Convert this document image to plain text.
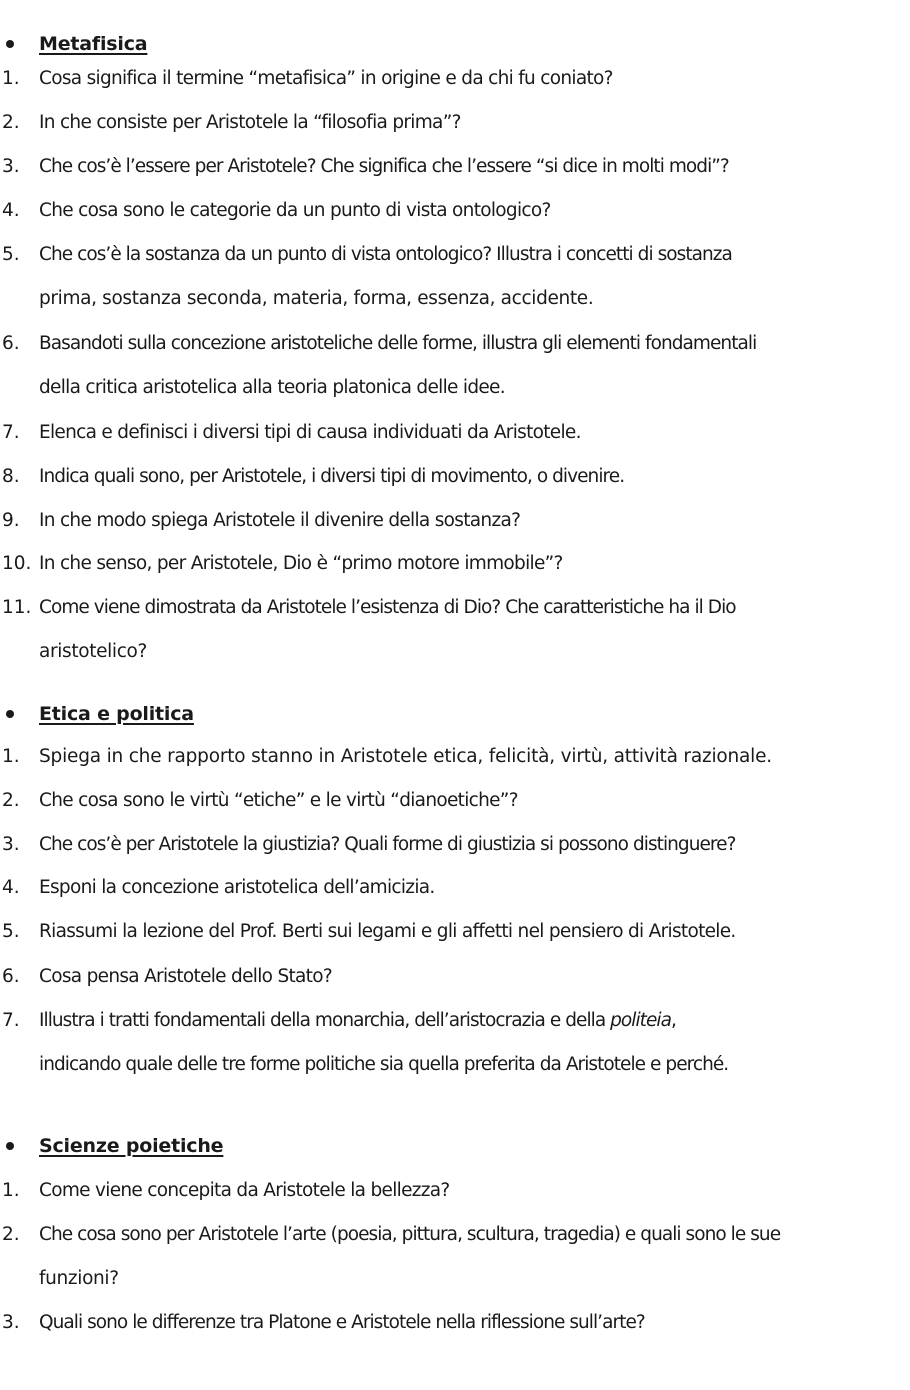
Metafisica
1. Cosa significa il termine “metafisica” in origine e da chi fu coniato?
2. In che consiste per Aristotele la “filosofia prima”?
3. Che cos’è l’essere per Aristotele? Che significa che l’essere “si dice in molti modi”?
4. Che cosa sono le categorie da un punto di vista ontologico?
5. Che cos’è la sostanza da un punto di vista ontologico? Illustra i concetti di sostanza
prima, sostanza seconda, materia, forma, essenza, accidente.
6. Basandoti sulla concezione aristoteliche delle forme, illustra gli elementi fondamentali
della critica aristotelica alla teoria platonica delle idee.
7. Elenca e definisci i diversi tipi di causa individuati da Aristotele.
8. Indica quali sono, per Aristotele, i diversi tipi di movimento, o divenire.
9. In che modo spiega Aristotele il divenire della sostanza?
10. In che senso, per Aristotele, Dio è “primo motore immobile”?
11. Come viene dimostrata da Aristotele l’esistenza di Dio? Che caratteristiche ha il Dio
aristotelico?
Etica e politica
1. Spiega in che rapporto stanno in Aristotele etica, felicità, virtù, attività razionale.
2. Che cosa sono le virtù “etiche” e le virtù “dianoetiche”?
3. Che cos’è per Aristotele la giustizia? Quali forme di giustizia si possono distinguere?
4. Esponi la concezione aristotelica dell’amicizia.
5. Riassumi la lezione del Prof. Berti sui legami e gli affetti nel pensiero di Aristotele.
6. Cosa pensa Aristotele dello Stato?
7. Illustra i tratti fondamentali della monarchia, dell’aristocrazia e della politeia,
indicando quale delle tre forme politiche sia quella preferita da Aristotele e perché.
Scienze poietiche
1. Come viene concepita da Aristotele la bellezza?
2. Che cosa sono per Aristotele l’arte (poesia, pittura, scultura, tragedia) e quali sono le sue
funzioni?
3. Quali sono le differenze tra Platone e Aristotele nella riflessione sull’arte?
